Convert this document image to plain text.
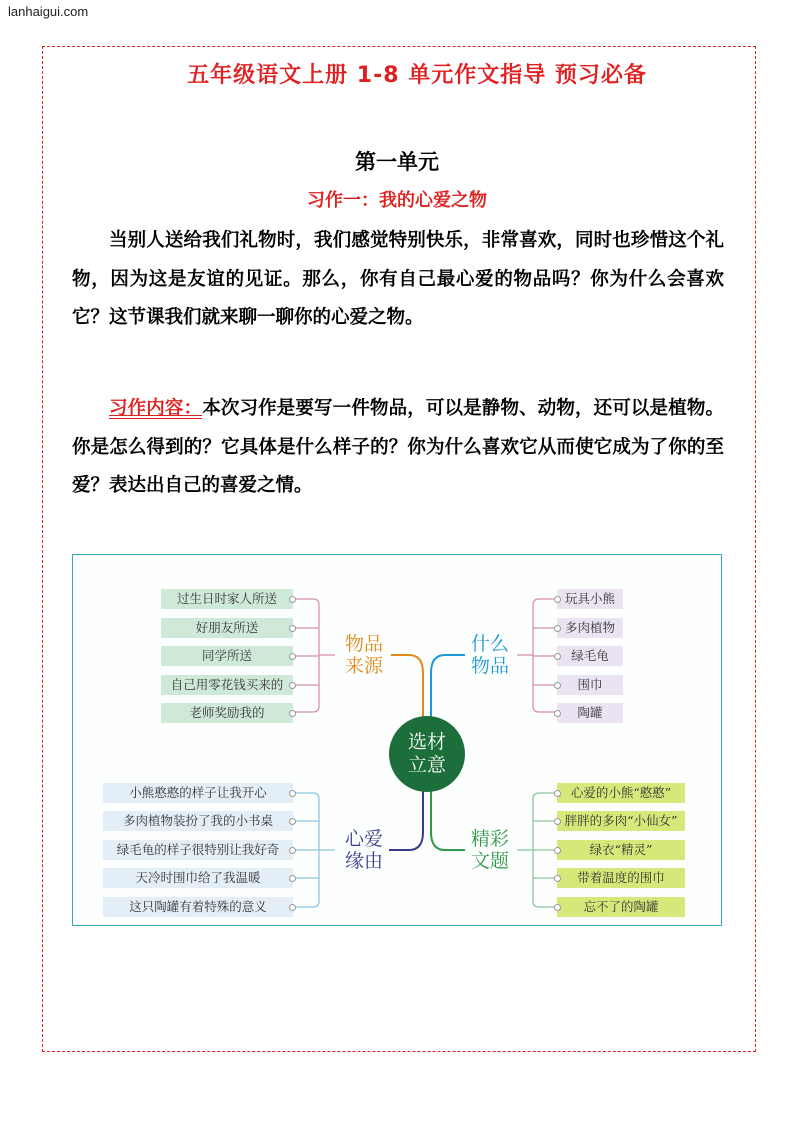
lanhaigui.com
五年级语文上册 1-8 单元作文指导 预习必备
第一单元
习作一：我的心爱之物
当别人送给我们礼物时，我们感觉特别快乐，非常喜欢，同时也珍惜这个礼物，因为这是友谊的见证。那么，你有自己最心爱的物品吗？你为什么会喜欢它？这节课我们就来聊一聊你的心爱之物。
习作内容：本次习作是要写一件物品，可以是静物、动物，还可以是植物。你是怎么得到的？它具体是什么样子的？你为什么喜欢它从而使它成为了你的至爱？表达出自己的喜爱之情。
过生日时家人所送
好朋友所送
同学所送
自己用零花钱买来的
老师奖励我的
玩具小熊
多肉植物
绿毛龟
围巾
陶罐
小熊憨憨的样子让我开心
多肉植物装扮了我的小书桌
绿毛龟的样子很特别让我好奇
天冷时围巾给了我温暖
这只陶罐有着特殊的意义
心爱的小熊“憨憨”
胖胖的多肉“小仙女”
绿衣“精灵”
带着温度的围巾
忘不了的陶罐
物品
来源
什么
物品
心爱
缘由
精彩
文题
选材
立意
